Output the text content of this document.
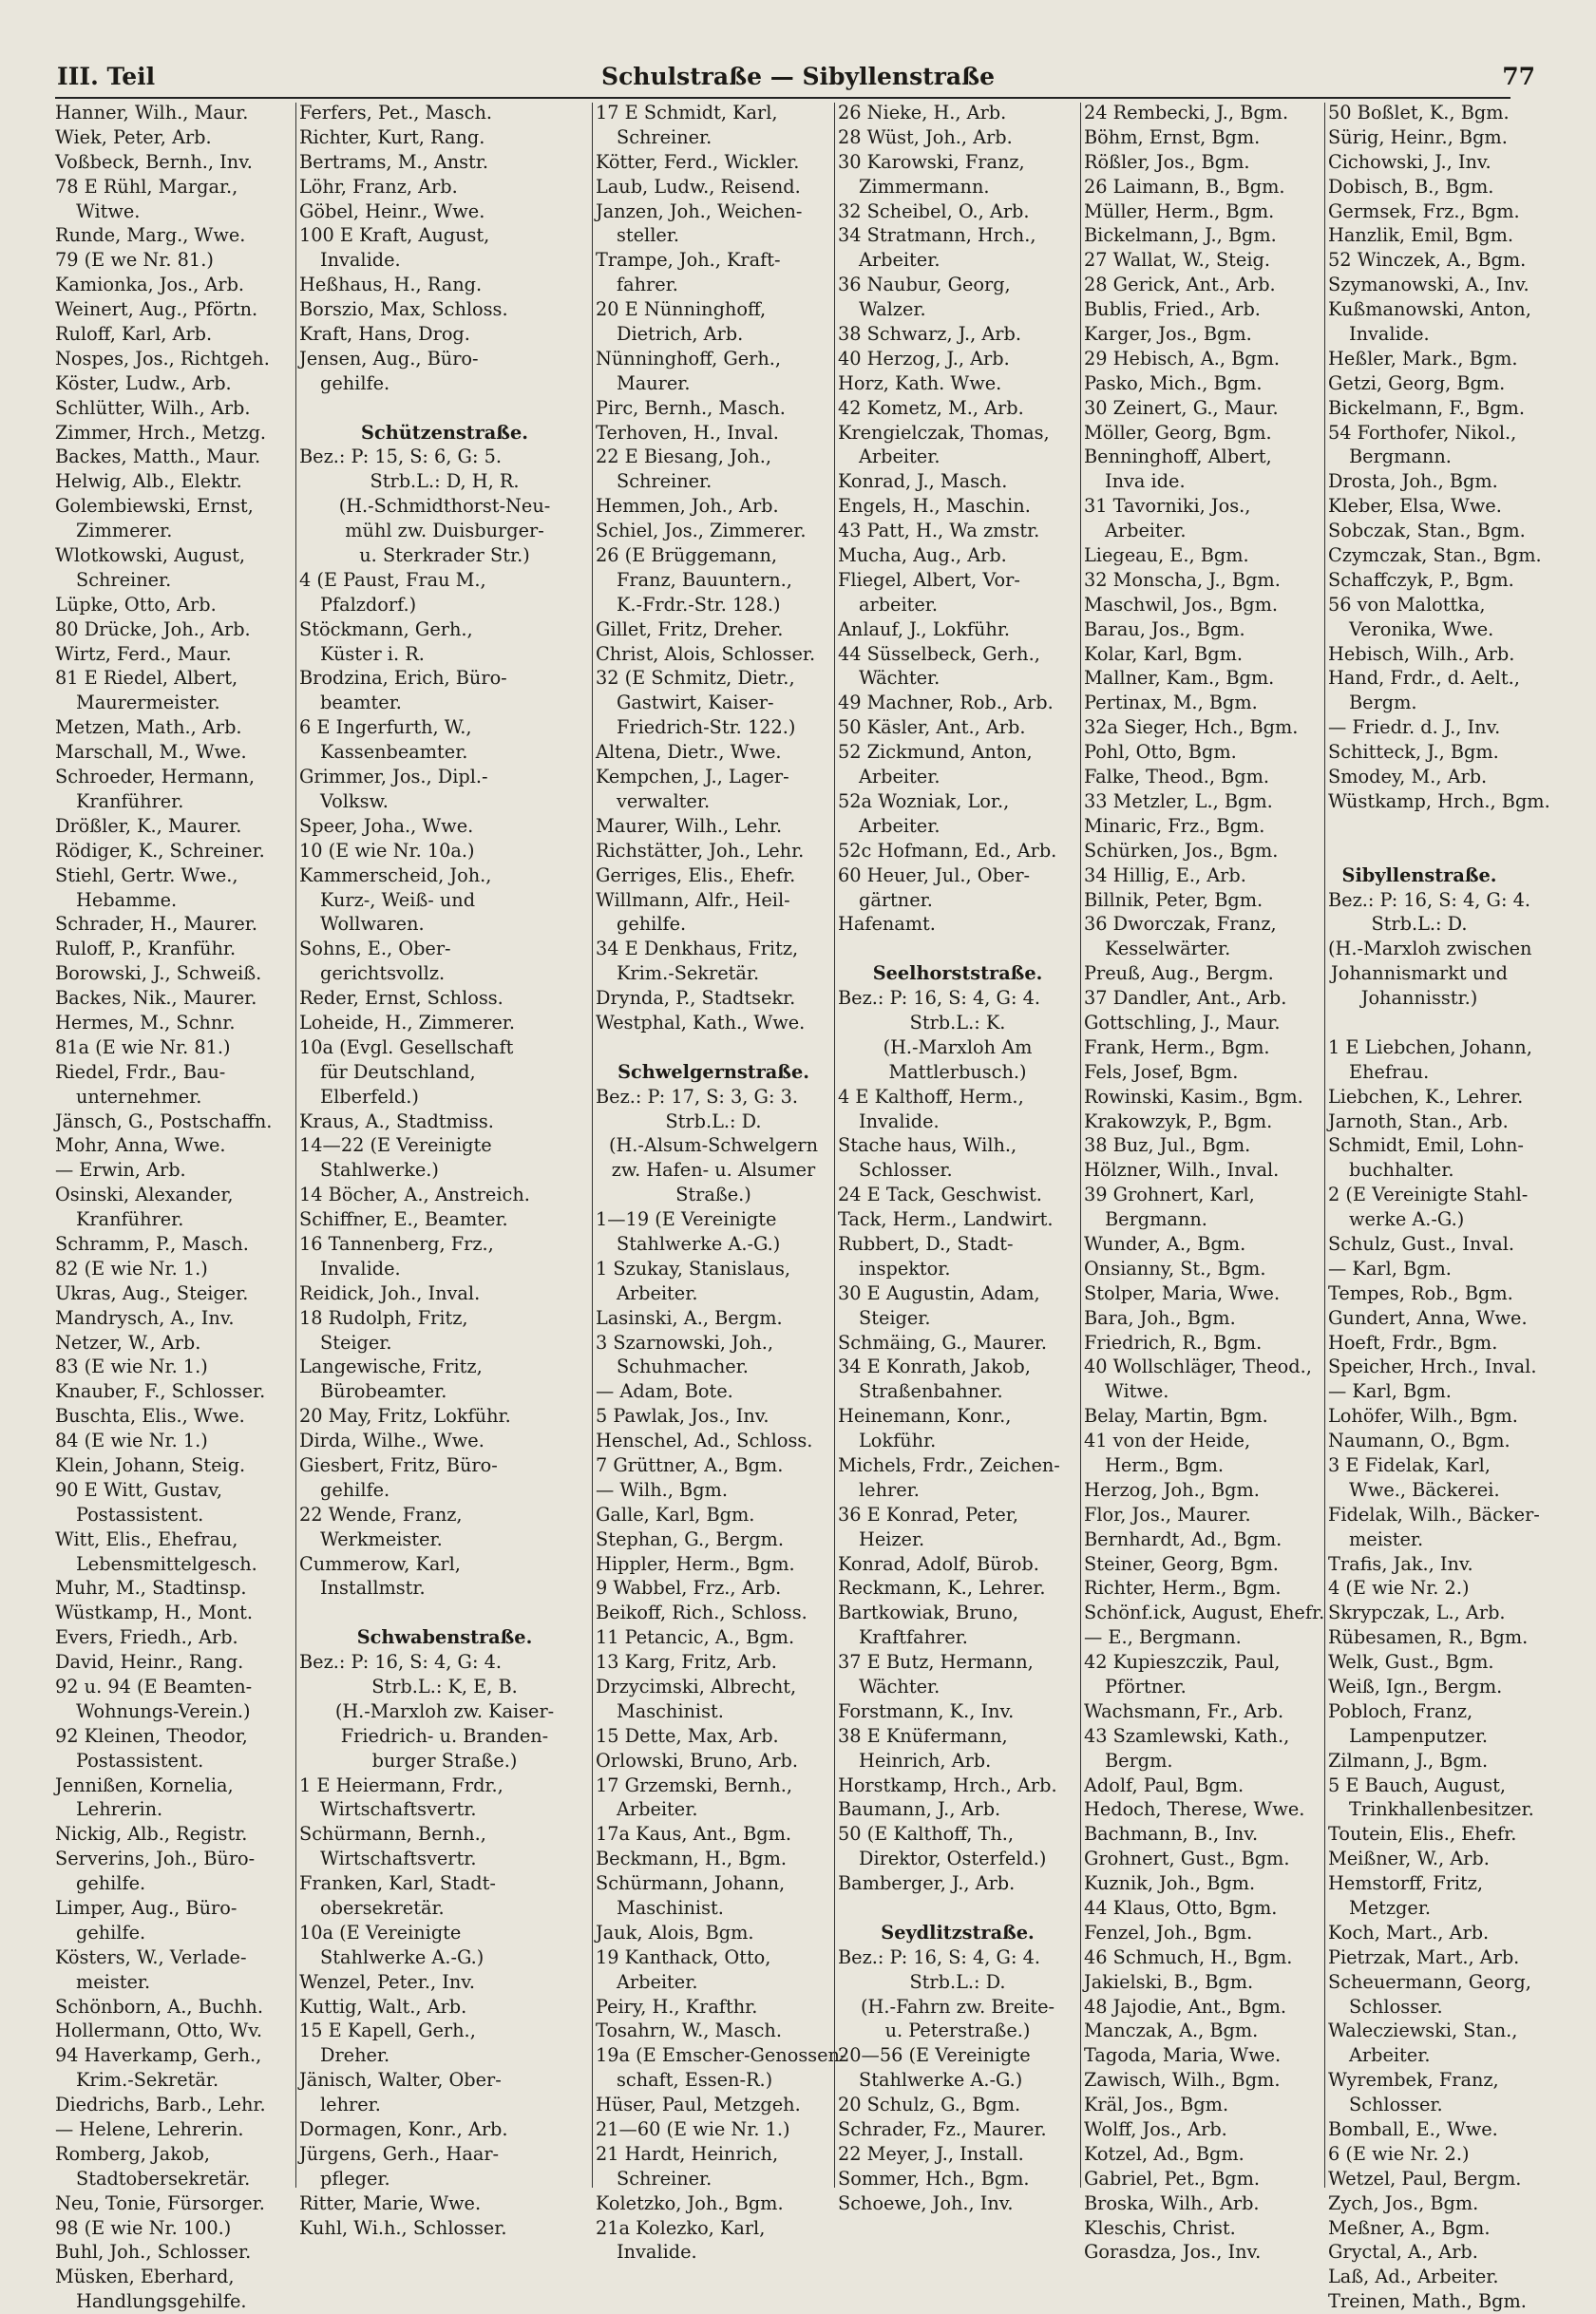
III. Teil	Schulstraße — Sibyllenstraße	77
Hanner, Wilh., Maur.
Wiek, Peter, Arb.
Voßbeck, Bernh., Inv.
78 E Rühl, Margar.,
Witwe.
Runde, Marg., Wwe.
79 (E we Nr. 81.)
Kamionka, Jos., Arb.
Weinert, Aug., Pförtn.
Ruloff, Karl, Arb.
Nospes, Jos., Richtgeh.
Köster, Ludw., Arb.
Schlütter, Wilh., Arb.
Zimmer, Hrch., Metzg.
Backes, Matth., Maur.
Helwig, Alb., Elektr.
Golembiewski, Ernst,
Zimmerer.
Wlotkowski, August,
Schreiner.
Lüpke, Otto, Arb.
80 Drücke, Joh., Arb.
Wirtz, Ferd., Maur.
81 E Riedel, Albert,
Maurermeister.
Metzen, Math., Arb.
Marschall, M., Wwe.
Schroeder, Hermann,
Kranführer.
Drößler, K., Maurer.
Rödiger, K., Schreiner.
Stiehl, Gertr. Wwe.,
Hebamme.
Schrader, H., Maurer.
Ruloff, P., Kranführ.
Borowski, J., Schweiß.
Backes, Nik., Maurer.
Hermes, M., Schnr.
81a (E wie Nr. 81.)
Riedel, Frdr., Bau-
unternehmer.
Jänsch, G., Postschaffn.
Mohr, Anna, Wwe.
— Erwin, Arb.
Osinski, Alexander,
Kranführer.
Schramm, P., Masch.
82 (E wie Nr. 1.)
Ukras, Aug., Steiger.
Mandrysch, A., Inv.
Netzer, W., Arb.
83 (E wie Nr. 1.)
Knauber, F., Schlosser.
Buschta, Elis., Wwe.
84 (E wie Nr. 1.)
Klein, Johann, Steig.
90 E Witt, Gustav,
Postassistent.
Witt, Elis., Ehefrau,
Lebensmittelgesch.
Muhr, M., Stadtinsp.
Wüstkamp, H., Mont.
Evers, Friedh., Arb.
David, Heinr., Rang.
92 u. 94 (E Beamten-
Wohnungs-Verein.)
92 Kleinen, Theodor,
Postassistent.
Jennißen, Kornelia,
Lehrerin.
Nickig, Alb., Registr.
Serverins, Joh., Büro-
gehilfe.
Limper, Aug., Büro-
gehilfe.
Kösters, W., Verlade-
meister.
Schönborn, A., Buchh.
Hollermann, Otto, Wv.
94 Haverkamp, Gerh.,
Krim.-Sekretär.
Diedrichs, Barb., Lehr.
— Helene, Lehrerin.
Romberg, Jakob,
Stadtobersekretär.
Neu, Tonie, Fürsorger.
98 (E wie Nr. 100.)
Buhl, Joh., Schlosser.
Müsken, Eberhard,
Handlungsgehilfe.
Ferfers, Pet., Masch.
Richter, Kurt, Rang.
Bertrams, M., Anstr.
Löhr, Franz, Arb.
Göbel, Heinr., Wwe.
100 E Kraft, August,
Invalide.
Heßhaus, H., Rang.
Borszio, Max, Schloss.
Kraft, Hans, Drog.
Jensen, Aug., Büro-
gehilfe.
Schützenstraße.
Bez.: P: 15, S: 6, G: 5.
Strb.L.: D, H, R.
(H.-Schmidthorst-Neu-
mühl zw. Duisburger-
u. Sterkrader Str.)
4 (E Paust, Frau M.,
Pfalzdorf.)
Stöckmann, Gerh.,
Küster i. R.
Brodzina, Erich, Büro-
beamter.
6 E Ingerfurth, W.,
Kassenbeamter.
Grimmer, Jos., Dipl.-
Volksw.
Speer, Joha., Wwe.
10 (E wie Nr. 10a.)
Kammerscheid, Joh.,
Kurz-, Weiß- und
Wollwaren.
Sohns, E., Ober-
gerichtsvollz.
Reder, Ernst, Schloss.
Loheide, H., Zimmerer.
10a (Evgl. Gesellschaft
für Deutschland,
Elberfeld.)
Kraus, A., Stadtmiss.
14—22 (E Vereinigte
Stahlwerke.)
14 Böcher, A., Anstreich.
Schiffner, E., Beamter.
16 Tannenberg, Frz.,
Invalide.
Reidick, Joh., Inval.
18 Rudolph, Fritz,
Steiger.
Langewische, Fritz,
Bürobeamter.
20 May, Fritz, Lokführ.
Dirda, Wilhe., Wwe.
Giesbert, Fritz, Büro-
gehilfe.
22 Wende, Franz,
Werkmeister.
Cummerow, Karl,
Installmstr.
Schwabenstraße.
Bez.: P: 16, S: 4, G: 4.
Strb.L.: K, E, B.
(H.-Marxloh zw. Kaiser-
Friedrich- u. Branden-
burger Straße.)
1 E Heiermann, Frdr.,
Wirtschaftsvertr.
Schürmann, Bernh.,
Wirtschaftsvertr.
Franken, Karl, Stadt-
obersekretär.
10a (E Vereinigte
Stahlwerke A.-G.)
Wenzel, Peter., Inv.
Kuttig, Walt., Arb.
15 E Kapell, Gerh.,
Dreher.
Jänisch, Walter, Ober-
lehrer.
Dormagen, Konr., Arb.
Jürgens, Gerh., Haar-
pfleger.
Ritter, Marie, Wwe.
Kuhl, Wi.h., Schlosser.
17 E Schmidt, Karl,
Schreiner.
Kötter, Ferd., Wickler.
Laub, Ludw., Reisend.
Janzen, Joh., Weichen-
steller.
Trampe, Joh., Kraft-
fahrer.
20 E Nünninghoff,
Dietrich, Arb.
Nünninghoff, Gerh.,
Maurer.
Pirc, Bernh., Masch.
Terhoven, H., Inval.
22 E Biesang, Joh.,
Schreiner.
Hemmen, Joh., Arb.
Schiel, Jos., Zimmerer.
26 (E Brüggemann,
Franz, Bauuntern.,
K.-Frdr.-Str. 128.)
Gillet, Fritz, Dreher.
Christ, Alois, Schlosser.
32 (E Schmitz, Dietr.,
Gastwirt, Kaiser-
Friedrich-Str. 122.)
Altena, Dietr., Wwe.
Kempchen, J., Lager-
verwalter.
Maurer, Wilh., Lehr.
Richstätter, Joh., Lehr.
Gerriges, Elis., Ehefr.
Willmann, Alfr., Heil-
gehilfe.
34 E Denkhaus, Fritz,
Krim.-Sekretär.
Drynda, P., Stadtsekr.
Westphal, Kath., Wwe.
Schwelgernstraße.
Bez.: P: 17, S: 3, G: 3.
Strb.L.: D.
(H.-Alsum-Schwelgern
zw. Hafen- u. Alsumer
Straße.)
1—19 (E Vereinigte
Stahlwerke A.-G.)
1 Szukay, Stanislaus,
Arbeiter.
Lasinski, A., Bergm.
3 Szarnowski, Joh.,
Schuhmacher.
— Adam, Bote.
5 Pawlak, Jos., Inv.
Henschel, Ad., Schloss.
7 Grüttner, A., Bgm.
— Wilh., Bgm.
Galle, Karl, Bgm.
Stephan, G., Bergm.
Hippler, Herm., Bgm.
9 Wabbel, Frz., Arb.
Beikoff, Rich., Schloss.
11 Petancic, A., Bgm.
13 Karg, Fritz, Arb.
Drzycimski, Albrecht,
Maschinist.
15 Dette, Max, Arb.
Orlowski, Bruno, Arb.
17 Grzemski, Bernh.,
Arbeiter.
17a Kaus, Ant., Bgm.
Beckmann, H., Bgm.
Schürmann, Johann,
Maschinist.
Jauk, Alois, Bgm.
19 Kanthack, Otto,
Arbeiter.
Peiry, H., Krafthr.
Tosahrn, W., Masch.
19a (E Emscher-Genossen-
schaft, Essen-R.)
Hüser, Paul, Metzgeh.
21—60 (E wie Nr. 1.)
21 Hardt, Heinrich,
Schreiner.
Koletzko, Joh., Bgm.
21a Kolezko, Karl,
Invalide.
26 Nieke, H., Arb.
28 Wüst, Joh., Arb.
30 Karowski, Franz,
Zimmermann.
32 Scheibel, O., Arb.
34 Stratmann, Hrch.,
Arbeiter.
36 Naubur, Georg,
Walzer.
38 Schwarz, J., Arb.
40 Herzog, J., Arb.
Horz, Kath. Wwe.
42 Kometz, M., Arb.
Krengielczak, Thomas,
Arbeiter.
Konrad, J., Masch.
Engels, H., Maschin.
43 Patt, H., Wa zmstr.
Mucha, Aug., Arb.
Fliegel, Albert, Vor-
arbeiter.
Anlauf, J., Lokführ.
44 Süsselbeck, Gerh.,
Wächter.
49 Machner, Rob., Arb.
50 Käsler, Ant., Arb.
52 Zickmund, Anton,
Arbeiter.
52a Wozniak, Lor.,
Arbeiter.
52c Hofmann, Ed., Arb.
60 Heuer, Jul., Ober-
gärtner.
Hafenamt.
Seelhorststraße.
Bez.: P: 16, S: 4, G: 4.
Strb.L.: K.
(H.-Marxloh Am
Mattlerbusch.)
4 E Kalthoff, Herm.,
Invalide.
Stache haus, Wilh.,
Schlosser.
24 E Tack, Geschwist.
Tack, Herm., Landwirt.
Rubbert, D., Stadt-
inspektor.
30 E Augustin, Adam,
Steiger.
Schmäing, G., Maurer.
34 E Konrath, Jakob,
Straßenbahner.
Heinemann, Konr.,
Lokführ.
Michels, Frdr., Zeichen-
lehrer.
36 E Konrad, Peter,
Heizer.
Konrad, Adolf, Bürob.
Reckmann, K., Lehrer.
Bartkowiak, Bruno,
Kraftfahrer.
37 E Butz, Hermann,
Wächter.
Forstmann, K., Inv.
38 E Knüfermann,
Heinrich, Arb.
Horstkamp, Hrch., Arb.
Baumann, J., Arb.
50 (E Kalthoff, Th.,
Direktor, Osterfeld.)
Bamberger, J., Arb.
Seydlitzstraße.
Bez.: P: 16, S: 4, G: 4.
Strb.L.: D.
(H.-Fahrn zw. Breite-
u. Peterstraße.)
20—56 (E Vereinigte
Stahlwerke A.-G.)
20 Schulz, G., Bgm.
Schrader, Fz., Maurer.
22 Meyer, J., Install.
Sommer, Hch., Bgm.
Schoewe, Joh., Inv.
24 Rembecki, J., Bgm.
Böhm, Ernst, Bgm.
Rößler, Jos., Bgm.
26 Laimann, B., Bgm.
Müller, Herm., Bgm.
Bickelmann, J., Bgm.
27 Wallat, W., Steig.
28 Gerick, Ant., Arb.
Bublis, Fried., Arb.
Karger, Jos., Bgm.
29 Hebisch, A., Bgm.
Pasko, Mich., Bgm.
30 Zeinert, G., Maur.
Möller, Georg, Bgm.
Benninghoff, Albert,
Inva ide.
31 Tavorniki, Jos.,
Arbeiter.
Liegeau, E., Bgm.
32 Monscha, J., Bgm.
Maschwil, Jos., Bgm.
Barau, Jos., Bgm.
Kolar, Karl, Bgm.
Mallner, Kam., Bgm.
Pertinax, M., Bgm.
32a Sieger, Hch., Bgm.
Pohl, Otto, Bgm.
Falke, Theod., Bgm.
33 Metzler, L., Bgm.
Minaric, Frz., Bgm.
Schürken, Jos., Bgm.
34 Hillig, E., Arb.
Billnik, Peter, Bgm.
36 Dworczak, Franz,
Kesselwärter.
Preuß, Aug., Bergm.
37 Dandler, Ant., Arb.
Gottschling, J., Maur.
Frank, Herm., Bgm.
Fels, Josef, Bgm.
Rowinski, Kasim., Bgm.
Krakowzyk, P., Bgm.
38 Buz, Jul., Bgm.
Hölzner, Wilh., Inval.
39 Grohnert, Karl,
Bergmann.
Wunder, A., Bgm.
Onsianny, St., Bgm.
Stolper, Maria, Wwe.
Bara, Joh., Bgm.
Friedrich, R., Bgm.
40 Wollschläger, Theod.,
Witwe.
Belay, Martin, Bgm.
41 von der Heide,
Herm., Bgm.
Herzog, Joh., Bgm.
Flor, Jos., Maurer.
Bernhardt, Ad., Bgm.
Steiner, Georg, Bgm.
Richter, Herm., Bgm.
Schönf.ick, August, Ehefr.
— E., Bergmann.
42 Kupieszczik, Paul,
Pförtner.
Wachsmann, Fr., Arb.
43 Szamlewski, Kath.,
Bergm.
Adolf, Paul, Bgm.
Hedoch, Therese, Wwe.
Bachmann, B., Inv.
Grohnert, Gust., Bgm.
Kuznik, Joh., Bgm.
44 Klaus, Otto, Bgm.
Fenzel, Joh., Bgm.
46 Schmuch, H., Bgm.
Jakielski, B., Bgm.
48 Jajodie, Ant., Bgm.
Manczak, A., Bgm.
Tagoda, Maria, Wwe.
Zawisch, Wilh., Bgm.
Kräl, Jos., Bgm.
Wolff, Jos., Arb.
Kotzel, Ad., Bgm.
Gabriel, Pet., Bgm.
Broska, Wilh., Arb.
Kleschis, Christ.
Gorasdza, Jos., Inv.
50 Boßlet, K., Bgm.
Sürig, Heinr., Bgm.
Cichowski, J., Inv.
Dobisch, B., Bgm.
Germsek, Frz., Bgm.
Hanzlik, Emil, Bgm.
52 Winczek, A., Bgm.
Szymanowski, A., Inv.
Kußmanowski, Anton,
Invalide.
Heßler, Mark., Bgm.
Getzi, Georg, Bgm.
Bickelmann, F., Bgm.
54 Forthofer, Nikol.,
Bergmann.
Drosta, Joh., Bgm.
Kleber, Elsa, Wwe.
Sobczak, Stan., Bgm.
Czymczak, Stan., Bgm.
Schaffczyk, P., Bgm.
56 von Malottka,
Veronika, Wwe.
Hebisch, Wilh., Arb.
Hand, Frdr., d. Aelt.,
Bergm.
— Friedr. d. J., Inv.
Schitteck, J., Bgm.
Smodey, M., Arb.
Wüstkamp, Hrch., Bgm.
Sibyllenstraße.
Bez.: P: 16, S: 4, G: 4.
Strb.L.: D.
(H.-Marxloh zwischen
Johannismarkt und
Johannisstr.)
1 E Liebchen, Johann,
Ehefrau.
Liebchen, K., Lehrer.
Jarnoth, Stan., Arb.
Schmidt, Emil, Lohn-
buchhalter.
2 (E Vereinigte Stahl-
werke A.-G.)
Schulz, Gust., Inval.
— Karl, Bgm.
Tempes, Rob., Bgm.
Gundert, Anna, Wwe.
Hoeft, Frdr., Bgm.
Speicher, Hrch., Inval.
— Karl, Bgm.
Lohöfer, Wilh., Bgm.
Naumann, O., Bgm.
3 E Fidelak, Karl,
Wwe., Bäckerei.
Fidelak, Wilh., Bäcker-
meister.
Trafis, Jak., Inv.
4 (E wie Nr. 2.)
Skrypczak, L., Arb.
Rübesamen, R., Bgm.
Welk, Gust., Bgm.
Weiß, Ign., Bergm.
Pobloch, Franz,
Lampenputzer.
Zilmann, J., Bgm.
5 E Bauch, August,
Trinkhallenbesitzer.
Toutein, Elis., Ehefr.
Meißner, W., Arb.
Hemstorff, Fritz,
Metzger.
Koch, Mart., Arb.
Pietrzak, Mart., Arb.
Scheuermann, Georg,
Schlosser.
Walecziewski, Stan.,
Arbeiter.
Wyrembek, Franz,
Schlosser.
Bomball, E., Wwe.
6 (E wie Nr. 2.)
Wetzel, Paul, Bergm.
Zych, Jos., Bgm.
Meßner, A., Bgm.
Gryctal, A., Arb.
Laß, Ad., Arbeiter.
Treinen, Math., Bgm.
